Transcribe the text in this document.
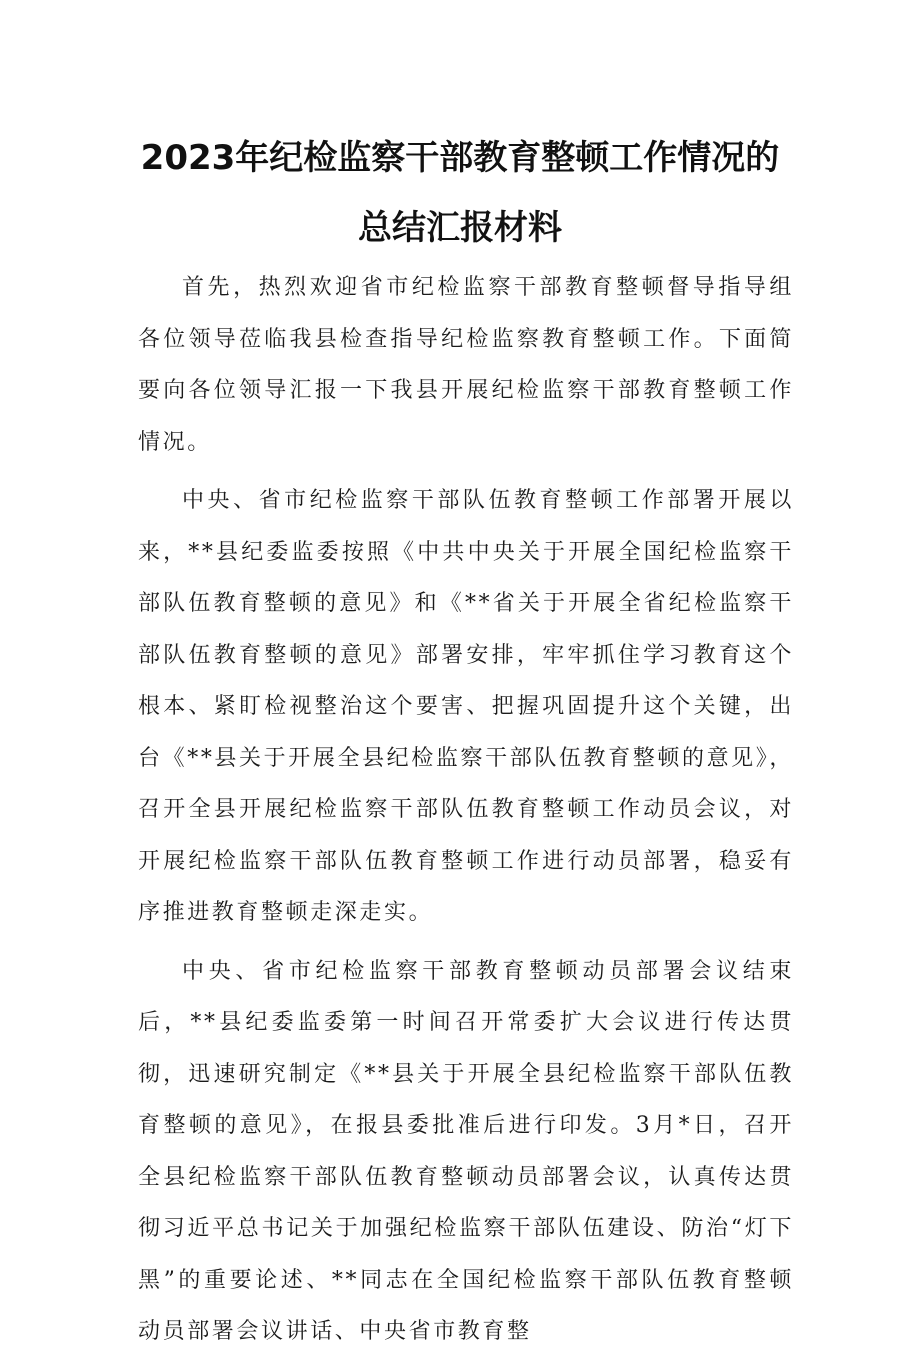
2023年纪检监察干部教育整顿工作情况的
总结汇报材料

首先，热烈欢迎省市纪检监察干部教育整顿督导指导组各位领导莅临我县检查指导纪检监察教育整顿工作。下面简要向各位领导汇报一下我县开展纪检监察干部教育整顿工作情况。

中央、省市纪检监察干部队伍教育整顿工作部署开展以来，**县纪委监委按照《中共中央关于开展全国纪检监察干部队伍教育整顿的意见》和《**省关于开展全省纪检监察干部队伍教育整顿的意见》部署安排，牢牢抓住学习教育这个根本、紧盯检视整治这个要害、把握巩固提升这个关键，出台《**县关于开展全县纪检监察干部队伍教育整顿的意见》，召开全县开展纪检监察干部队伍教育整顿工作动员会议，对开展纪检监察干部队伍教育整顿工作进行动员部署，稳妥有序推进教育整顿走深走实。

中央、省市纪检监察干部教育整顿动员部署会议结束后，**县纪委监委第一时间召开常委扩大会议进行传达贯彻，迅速研究制定《**县关于开展全县纪检监察干部队伍教育整顿的意见》，在报县委批准后进行印发。3月*日，召开全县纪检监察干部队伍教育整顿动员部署会议，认真传达贯彻习近平总书记关于加强纪检监察干部队伍建设、防治“灯下黑”的重要论述、**同志在全国纪检监察干部队伍教育整顿动员部署会议讲话、中央省市教育整
